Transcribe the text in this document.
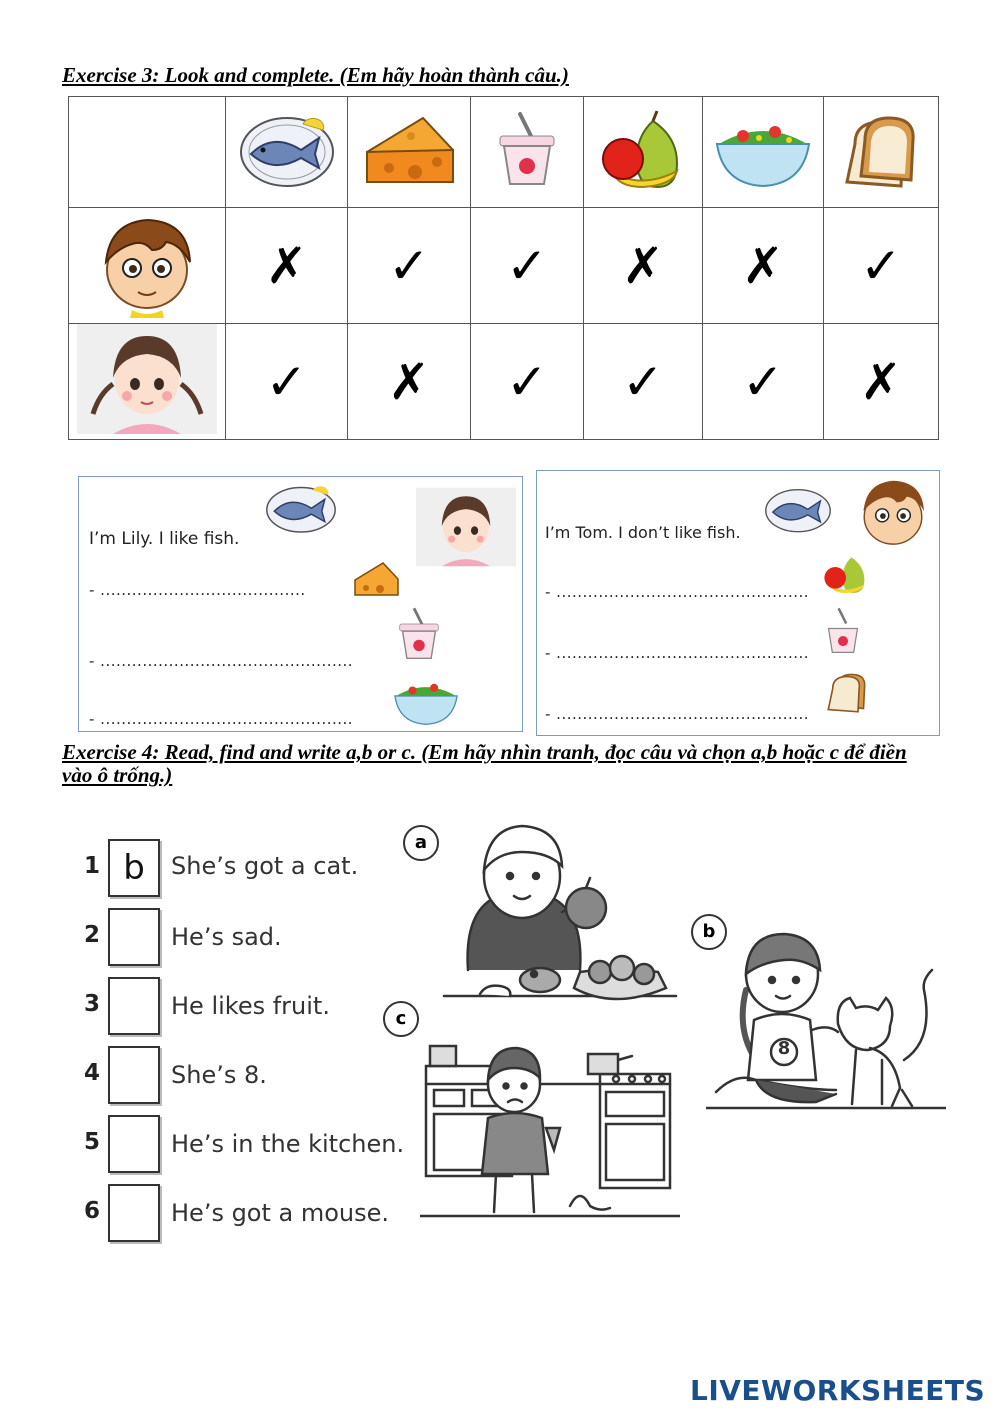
Exercise 3: Look and complete. (Em hãy hoàn thành câu.)

	✗	✓	✓	✗	✗	✓
	✓	✗	✓	✓	✓	✗
I’m Lily. I like fish.
- .......................................
- ................................................
- ................................................
I’m Tom. I don’t like fish.
- ................................................
- ................................................
- ................................................
Exercise 4: Read, find and write a,b or c. (Em hãy nhìn tranh, đọc câu và chọn a,b hoặc c để điền vào ô trống.)
1 b	She’s got a cat.
2	He’s sad.
3	He likes fruit.
4	She’s 8.
5	He’s in the kitchen.
6	He’s got a mouse.
a
b
c
8
LIVEWORKSHEETS
